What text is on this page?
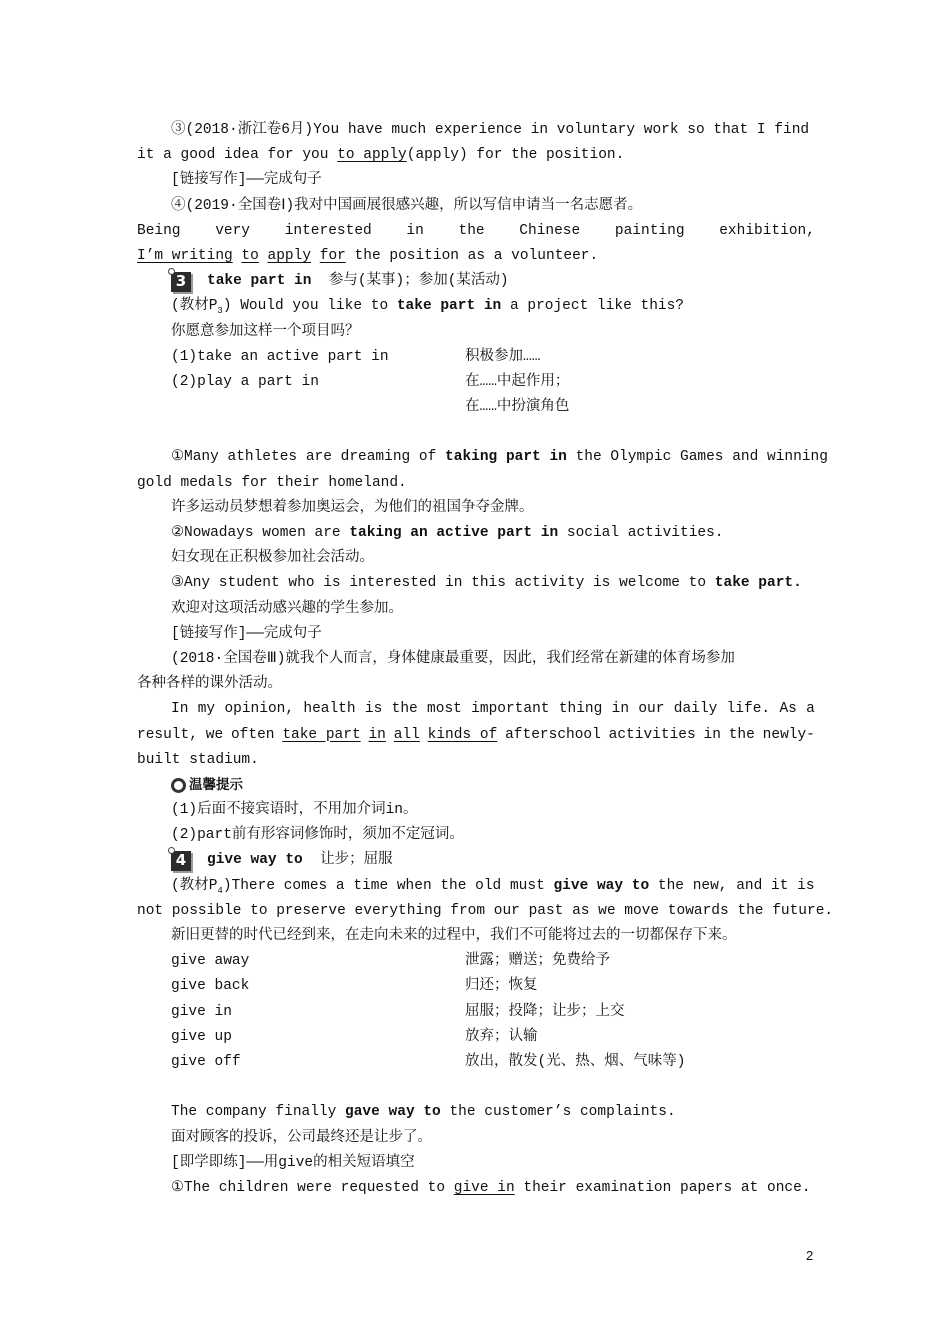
③(2018·浙江卷6月)You have much experience in voluntary work so that I find
it a good idea for you to apply(apply) for the position.
[链接写作]——完成句子
④(2019·全国卷Ⅰ)我对中国画展很感兴趣，所以写信申请当一名志愿者。
Being very interested in the Chinese painting exhibition,
I’m writing to apply for the position as a volunteer.
3	take part in
参与(某事)；参加(某活动)
(教材$P_3$) Would you like to take part in a project like this?
你愿意参加这样一个项目吗？
(1)take an active part in	积极参加……
(2)play a part in	在……中起作用；
在……中扮演角色
①Many athletes are dreaming of taking part in the Olympic Games and winning
gold medals for their homeland.
许多运动员梦想着参加奥运会，为他们的祖国争夺金牌。
②Nowadays women are taking an active part in social activities.
妇女现在正积极参加社会活动。
③Any student who is interested in this activity is welcome to take part.
欢迎对这项活动感兴趣的学生参加。
[链接写作]——完成句子
(2018·全国卷Ⅲ)就我个人而言，身体健康最重要，因此，我们经常在新建的体育场参加
各种各样的课外活动。
In my opinion, health is the most important thing in our daily life. As a
result, we often take part in all kinds of afterschool activities in the newly-
built stadium.
温馨提示
(1)后面不接宾语时，不用加介词in。
(2)part前有形容词修饰时，须加不定冠词。
4	give way to
让步；屈服
(教材$P_4)There$ comes a time when the old must give way to the new, and it is
not possible to preserve everything from our past as we move towards the future.
新旧更替的时代已经到来，在走向未来的过程中，我们不可能将过去的一切都保存下来。
give away	泄露；赠送；免费给予
give back	归还；恢复
give in	屈服；投降；让步；上交
give up	放弃；认输
give off	放出，散发(光、热、烟、气味等)
The company finally gave way to the customer’s complaints.
面对顾客的投诉，公司最终还是让步了。
[即学即练]——用give的相关短语填空
①The children were requested to give in their examination papers at once.
2
